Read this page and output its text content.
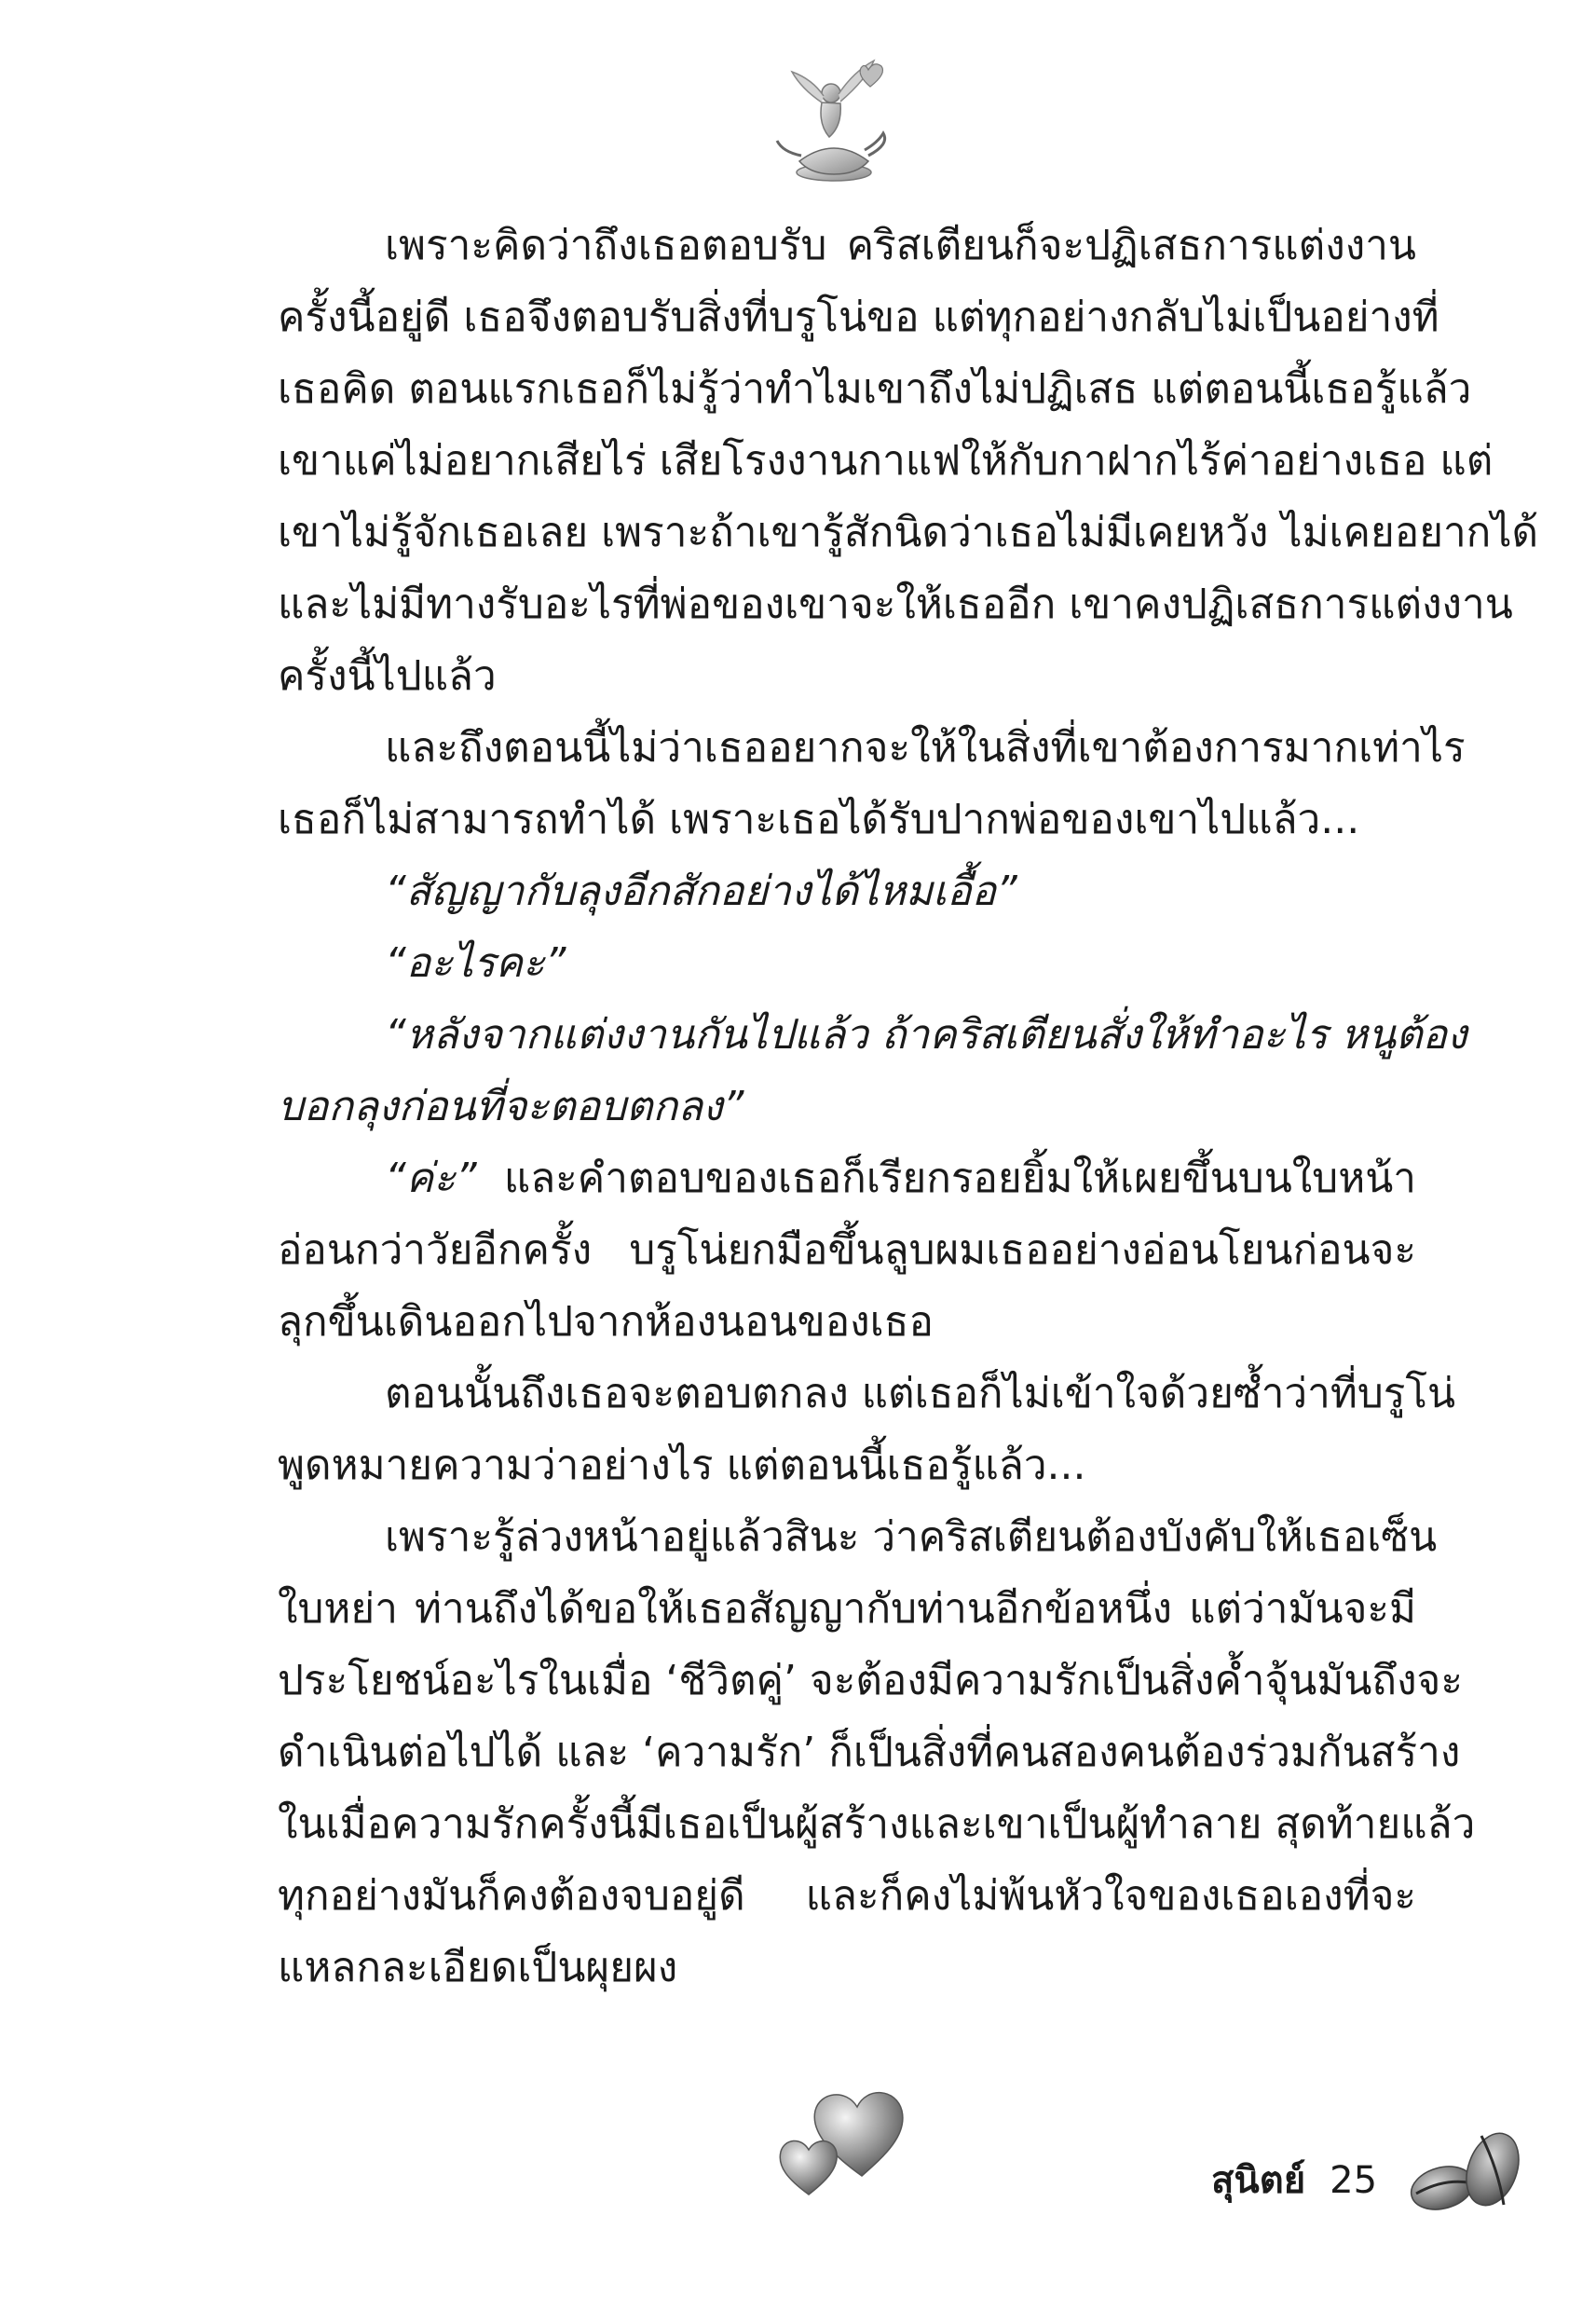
เพราะคิดว่าถึงเธอตอบรับ คริสเตียนก็จะปฏิเสธการแต่งงาน
ครั้งนี้อยู่ดี เธอจึงตอบรับสิ่งที่บรูโน่ขอ แต่ทุกอย่างกลับไม่เป็นอย่างที่
เธอคิด ตอนแรกเธอก็ไม่รู้ว่าทำไมเขาถึงไม่ปฏิเสธ แต่ตอนนี้เธอรู้แล้ว
เขาแค่ไม่อยากเสียไร่ เสียโรงงานกาแฟให้กับกาฝากไร้ค่าอย่างเธอ แต่
เขาไม่รู้จักเธอเลย เพราะถ้าเขารู้สักนิดว่าเธอไม่มีเคยหวัง ไม่เคยอยากได้
และไม่มีทางรับอะไรที่พ่อของเขาจะให้เธออีก เขาคงปฏิเสธการแต่งงาน
ครั้งนี้ไปแล้ว
และถึงตอนนี้ไม่ว่าเธออยากจะให้ในสิ่งที่เขาต้องการมากเท่าไร
เธอก็ไม่สามารถทำได้ เพราะเธอได้รับปากพ่อของเขาไปแล้ว...
“สัญญากับลุงอีกสักอย่างได้ไหมเอื้อ”
“อะไรคะ”
“หลังจากแต่งงานกันไปแล้ว ถ้าคริสเตียนสั่งให้ทำอะไร หนูต้อง
บอกลุงก่อนที่จะตอบตกลง”
“ค่ะ” และคำตอบของเธอก็เรียกรอยยิ้มให้เผยขึ้นบนใบหน้า
อ่อนกว่าวัยอีกครั้ง บรูโน่ยกมือขึ้นลูบผมเธออย่างอ่อนโยนก่อนจะ
ลุกขึ้นเดินออกไปจากห้องนอนของเธอ
ตอนนั้นถึงเธอจะตอบตกลง แต่เธอก็ไม่เข้าใจด้วยซ้ำว่าที่บรูโน่
พูดหมายความว่าอย่างไร แต่ตอนนี้เธอรู้แล้ว...
เพราะรู้ล่วงหน้าอยู่แล้วสินะ ว่าคริสเตียนต้องบังคับให้เธอเซ็น
ใบหย่า ท่านถึงได้ขอให้เธอสัญญากับท่านอีกข้อหนึ่ง แต่ว่ามันจะมี
ประโยชน์อะไรในเมื่อ ‘ชีวิตคู่’ จะต้องมีความรักเป็นสิ่งค้ำจุ้นมันถึงจะ
ดำเนินต่อไปได้ และ ‘ความรัก’ ก็เป็นสิ่งที่คนสองคนต้องร่วมกันสร้าง
ในเมื่อความรักครั้งนี้มีเธอเป็นผู้สร้างและเขาเป็นผู้ทำลาย สุดท้ายแล้ว
ทุกอย่างมันก็คงต้องจบอยู่ดี และก็คงไม่พ้นหัวใจของเธอเองที่จะ
แหลกละเอียดเป็นผุยผง
สุนิตย์ 25
